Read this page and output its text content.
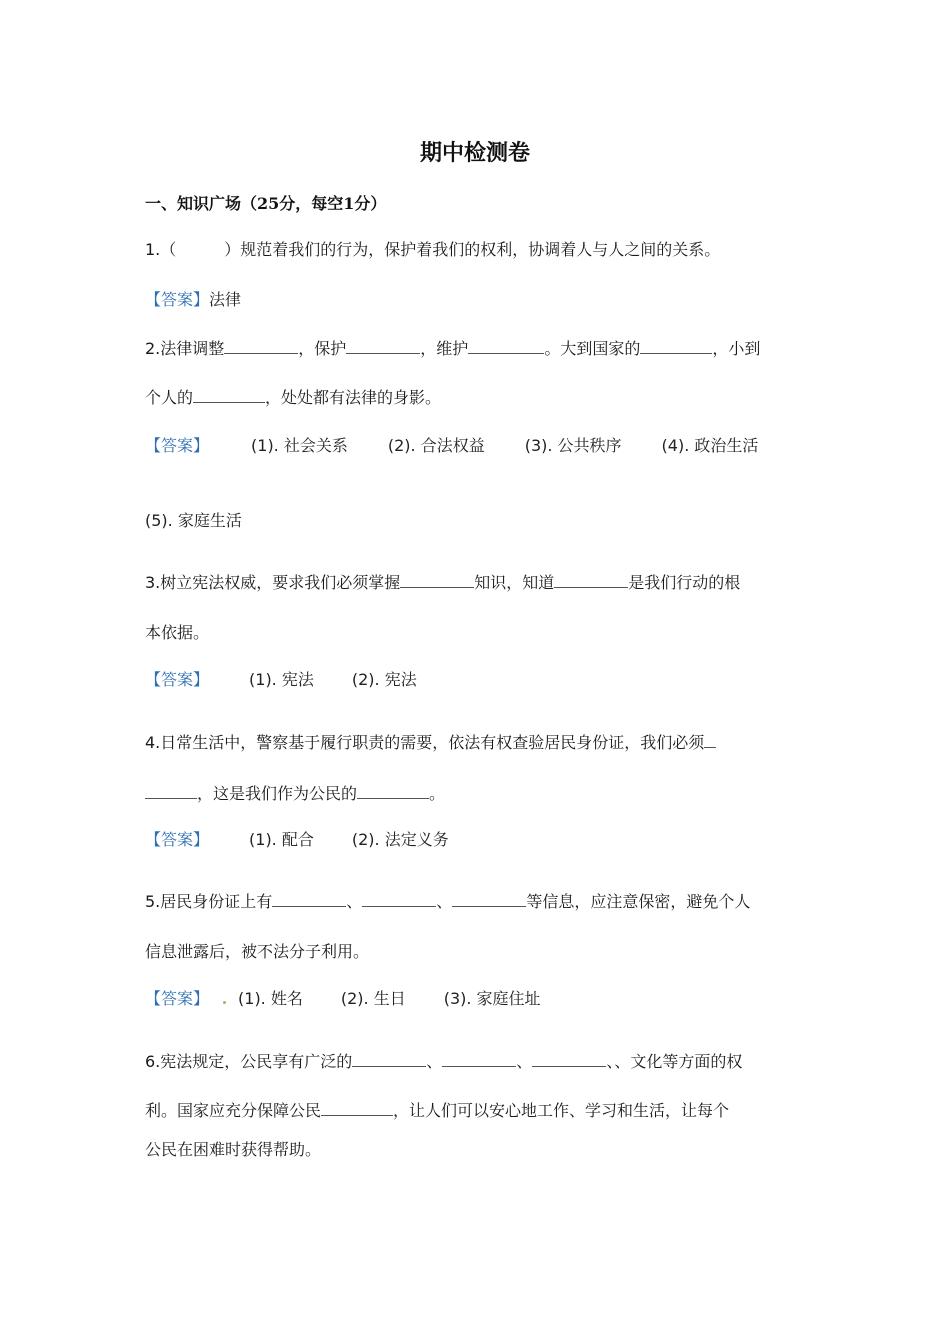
期中检测卷
一、知识广场（25分，每空1分）
1.（	）规范着我们的行为，保护着我们的权利，协调着人与人之间的关系。
【答案】法律
2.法律调整	，保护	，维护	。大到国家的	，小到
个人的	，处处都有法律的身影。
【答案】	(1). 社会关系	(2). 合法权益	(3). 公共秩序	(4). 政治生活
(5). 家庭生活
3.树立宪法权威，要求我们必须掌握	知识，知道	是我们行动的根
本依据。
【答案】	(1). 宪法 (2). 宪法
4.日常生活中，警察基于履行职责的需要，依法有权查验居民身份证，我们必须
，这是我们作为公民的	。
【答案】	(1). 配合 (2). 法定义务
5.居民身份证上有	、	、	等信息，应注意保密，避免个人
信息泄露后，被不法分子利用。
【答案】 (1). 姓名 (2). 生日 (3). 家庭住址
6.宪法规定，公民享有广泛的	、	、	、、文化等方面的权
利。国家应充分保障公民	，让人们可以安心地工作、学习和生活，让每个
公民在困难时获得帮助。
